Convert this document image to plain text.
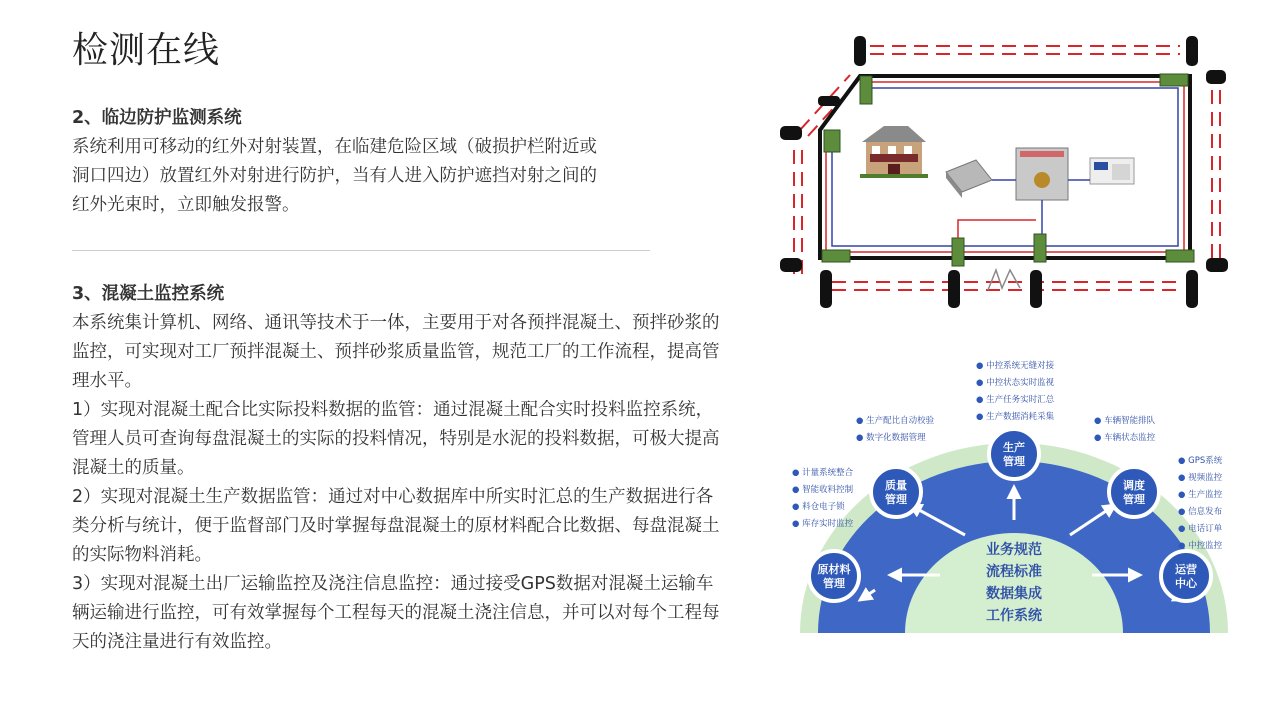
检测在线
2、临边防护监测系统

系统利用可移动的红外对射装置，在临建危险区域（破损护栏附近或

洞口四边）放置红外对射进行防护，当有人进入防护遮挡对射之间的

红外光束时，立即触发报警。

3、混凝土监控系统

本系统集计算机、网络、通讯等技术于一体，主要用于对各预拌混凝土、预拌砂浆的

监控，可实现对工厂预拌混凝土、预拌砂浆质量监管，规范工厂的工作流程，提高管

理水平。

1）实现对混凝土配合比实际投料数据的监管：通过混凝土配合实时投料监控系统，

管理人员可查询每盘混凝土的实际的投料情况，特别是水泥的投料数据，可极大提高

混凝土的质量。

2）实现对混凝土生产数据监管：通过对中心数据库中所实时汇总的生产数据进行各

类分析与统计，便于监督部门及时掌握每盘混凝土的原材料配合比数据、每盘混凝土

的实际物料消耗。

3）实现对混凝土出厂运输监控及浇注信息监控：通过接受GPS数据对混凝土运输车

辆运输进行监控，可有效掌握每个工程每天的混凝土浇注信息，并可以对每个工程每

天的浇注量进行有效监控。

业务规范
流程标准
数据集成
工作系统
原材料
管理
质量
管理
生产
管理
调度
管理
运营
中心
● 中控系统无缝对接
● 中控状态实时监视
● 生产任务实时汇总
● 生产数据消耗采集
● 生产配比自动校验
● 数字化数据管理
● 车辆智能排队
● 车辆状态监控
● 计量系统整合
● 智能收料控制
● 料仓电子锁
● 库存实时监控
● GPS系统
● 视频监控
● 生产监控
● 信息发布
● 电话订单
● 中控监控
